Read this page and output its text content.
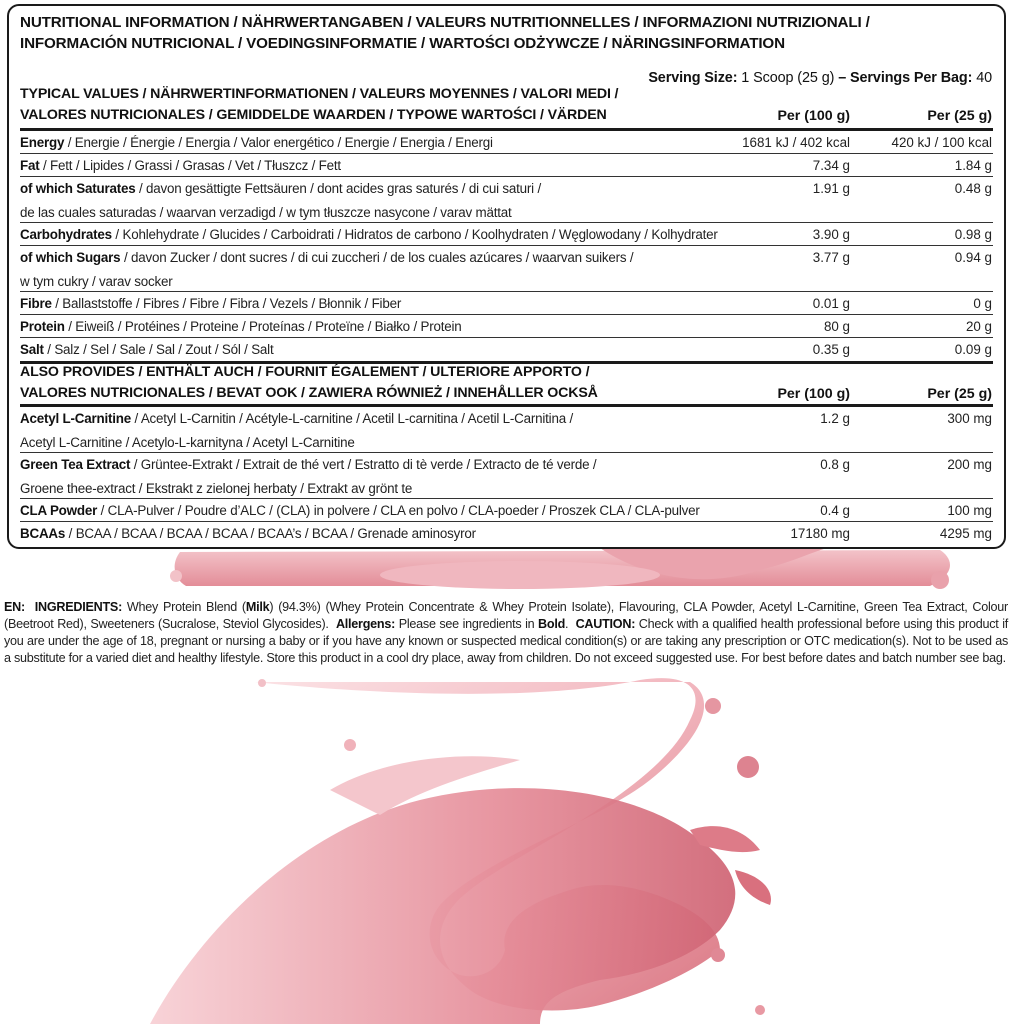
NUTRITIONAL INFORMATION / NÄHRWERTANGABEN / VALEURS NUTRITIONNELLES / INFORMAZIONI NUTRIZIONALI /
INFORMACIÓN NUTRICIONAL / VOEDINGSINFORMATIE / WARTOŚCI ODŻYWCZE / NÄRINGSINFORMATION
Serving Size: 1 Scoop (25 g) – Servings Per Bag: 40
TYPICAL VALUES / NÄHRWERTINFORMATIONEN / VALEURS MOYENNES / VALORI MEDI /
VALORES NUTRICIONALES / GEMIDDELDE WAARDEN / TYPOWE WARTOŚCI / VÄRDEN	Per (100 g)	Per (25 g)
Energy / Energie / Énergie / Energia / Valor energético / Energie / Energia / Energi	1681 kJ / 402 kcal	420 kJ / 100 kcal
Fat / Fett / Lipides / Grassi / Grasas / Vet / Tłuszcz / Fett	7.34 g	1.84 g
of which Saturates / davon gesättigte Fettsäuren / dont acides gras saturés / di cui saturi /
de las cuales saturadas / waarvan verzadigd / w tym tłuszcze nasycone / varav mättat
1.91 g	0.48 g
Carbohydrates / Kohlehydrate / Glucides / Carboidrati / Hidratos de carbono / Koolhydraten / Węglowodany / Kolhydrater	3.90 g	0.98 g
of which Sugars / davon Zucker / dont sucres / di cui zuccheri / de los cuales azúcares / waarvan suikers /
w tym cukry / varav socker
3.77 g	0.94 g
Fibre / Ballaststoffe / Fibres / Fibre / Fibra / Vezels / Błonnik / Fiber	0.01 g	0 g
Protein / Eiweiß / Protéines / Proteine / Proteínas / Proteïne / Białko / Protein	80 g	20 g
Salt / Salz / Sel / Sale / Sal / Zout / Sól / Salt	0.35 g	0.09 g
ALSO PROVIDES / ENTHÄLT AUCH / FOURNIT ÉGALEMENT / ULTERIORE APPORTO /
VALORES NUTRICIONALES / BEVAT OOK / ZAWIERA RÓWNIEŻ / INNEHÅLLER OCKSÅ	Per (100 g)	Per (25 g)
Acetyl L-Carnitine / Acetyl L-Carnitin / Acétyle-L-carnitine / Acetil L-carnitina / Acetil L-Carnitina /
Acetyl L-Carnitine / Acetylo-L-karnityna / Acetyl L-Carnitine
1.2 g	300 mg
Green Tea Extract / Grüntee-Extrakt / Extrait de thé vert / Estratto di tè verde / Extracto de té verde /
Groene thee-extract / Ekstrakt z zielonej herbaty / Extrakt av grönt te
0.8 g	200 mg
CLA Powder / CLA-Pulver / Poudre d’ALC / (CLA) in polvere / CLA en polvo / CLA-poeder / Proszek CLA / CLA-pulver	0.4 g	100 mg
BCAAs / BCAA / BCAA / BCAA / BCAA / BCAA’s / BCAA / Grenade aminosyror	17180 mg	4295 mg
EN: INGREDIENTS: Whey Protein Blend (Milk) (94.3%) (Whey Protein Concentrate & Whey Protein Isolate), Flavouring, CLA Powder, Acetyl L-Carnitine, Green Tea Extract, Colour (Beetroot Red), Sweeteners (Sucralose, Steviol Glycosides). Allergens: Please see ingredients in Bold. CAUTION: Check with a qualified health professional before using this product if you are under the age of 18, pregnant or nursing a baby or if you have any known or suspected medical condition(s) or are taking any prescription or OTC medication(s). Not to be used as a substitute for a varied diet and healthy lifestyle. Store this product in a cool dry place, away from children. Do not exceed suggested use. For best before dates and batch number see bag.
